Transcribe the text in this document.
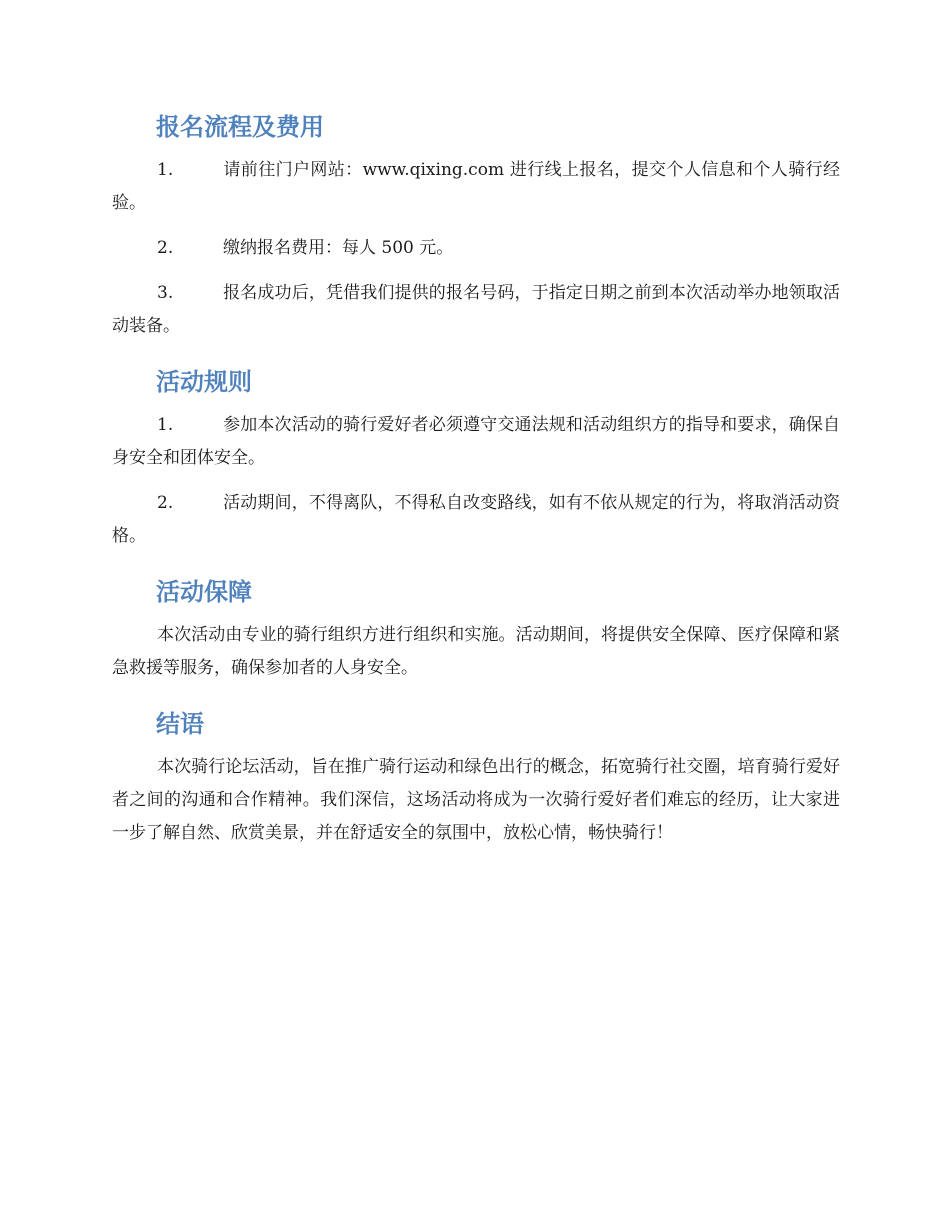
报名流程及费用

1.	请前往门户网站：www.qixing.com 进行线上报名，提交个人信息和个人骑行经验。

2.	缴纳报名费用：每人 500 元。

3.	报名成功后，凭借我们提供的报名号码，于指定日期之前到本次活动举办地领取活动装备。

活动规则

1.	参加本次活动的骑行爱好者必须遵守交通法规和活动组织方的指导和要求，确保自身安全和团体安全。

2.	活动期间，不得离队，不得私自改变路线，如有不依从规定的行为，将取消活动资格。

活动保障

本次活动由专业的骑行组织方进行组织和实施。活动期间，将提供安全保障、医疗保障和紧急救援等服务，确保参加者的人身安全。

结语

本次骑行论坛活动，旨在推广骑行运动和绿色出行的概念，拓宽骑行社交圈，培育骑行爱好者之间的沟通和合作精神。我们深信，这场活动将成为一次骑行爱好者们难忘的经历，让大家进一步了解自然、欣赏美景，并在舒适安全的氛围中，放松心情，畅快骑行！
